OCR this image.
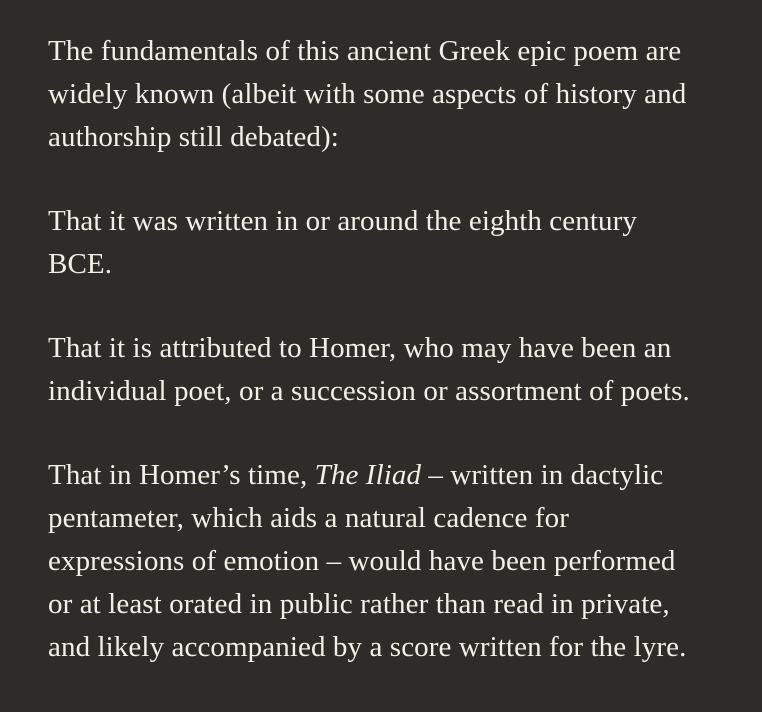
The fundamentals of this ancient Greek epic poem are
widely known (albeit with some aspects of history and
authorship still debated):
That it was written in or around the eighth century
BCE.
That it is attributed to Homer, who may have been an
individual poet, or a succession or assortment of poets.
That in Homer’s time, The Iliad – written in dactylic
pentameter, which aids a natural cadence for
expressions of emotion – would have been performed
or at least orated in public rather than read in private,
and likely accompanied by a score written for the lyre.
